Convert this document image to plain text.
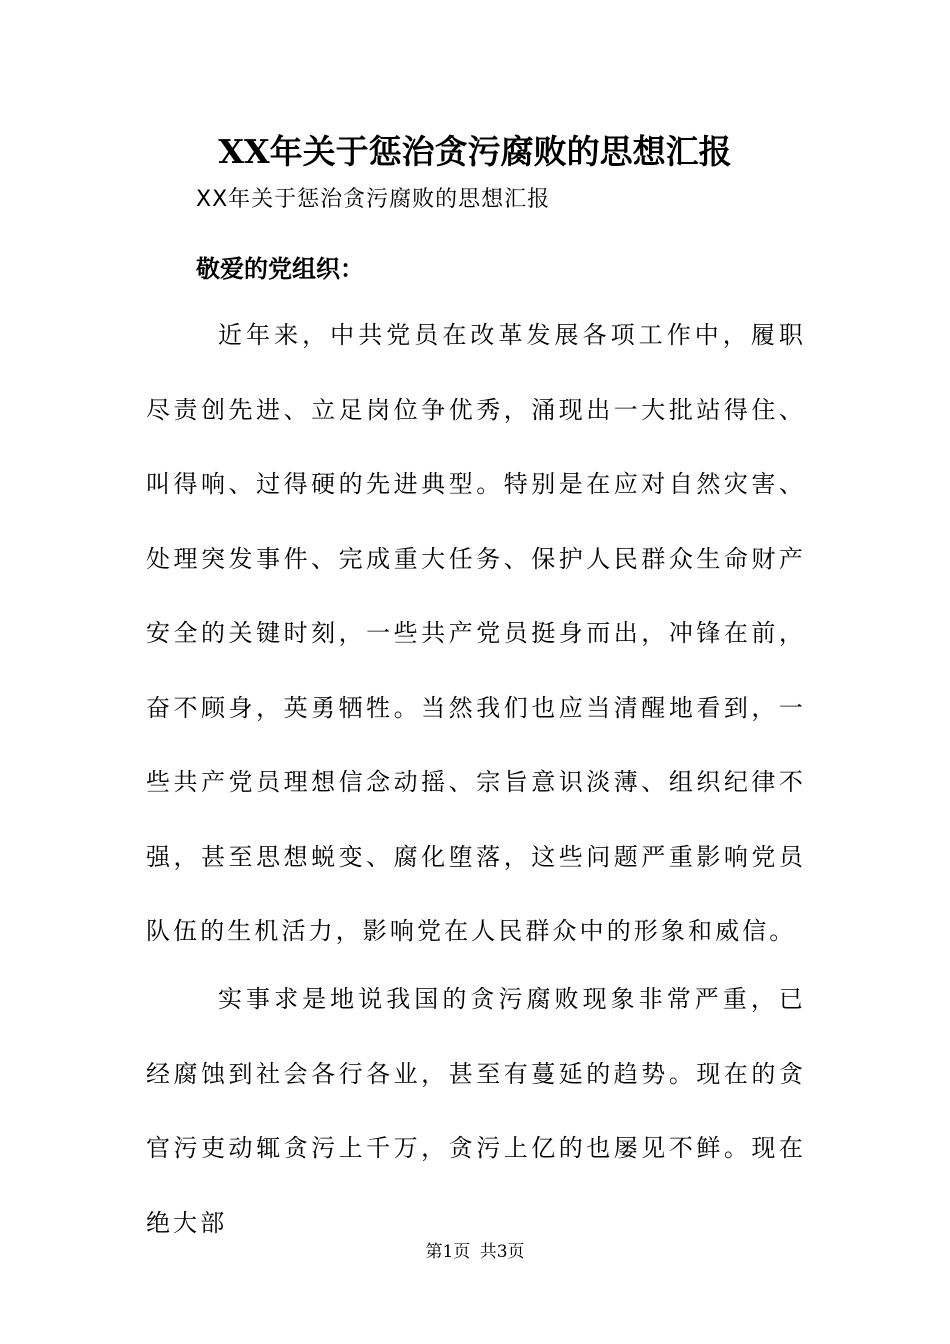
XX年关于惩治贪污腐败的思想汇报
XX年关于惩治贪污腐败的思想汇报
敬爱的党组织：

近年来，中共党员在改革发展各项工作中，履职尽责创先进、立足岗位争优秀，涌现出一大批站得住、叫得响、过得硬的先进典型。特别是在应对自然灾害、处理突发事件、完成重大任务、保护人民群众生命财产安全的关键时刻，一些共产党员挺身而出，冲锋在前，奋不顾身，英勇牺牲。当然我们也应当清醒地看到，一些共产党员理想信念动摇、宗旨意识淡薄、组织纪律不强，甚至思想蜕变、腐化堕落，这些问题严重影响党员队伍的生机活力，影响党在人民群众中的形象和威信。

实事求是地说我国的贪污腐败现象非常严重，已经腐蚀到社会各行各业，甚至有蔓延的趋势。现在的贪官污吏动辄贪污上千万，贪污上亿的也屡见不鲜。现在绝大部

第1页 共3页
